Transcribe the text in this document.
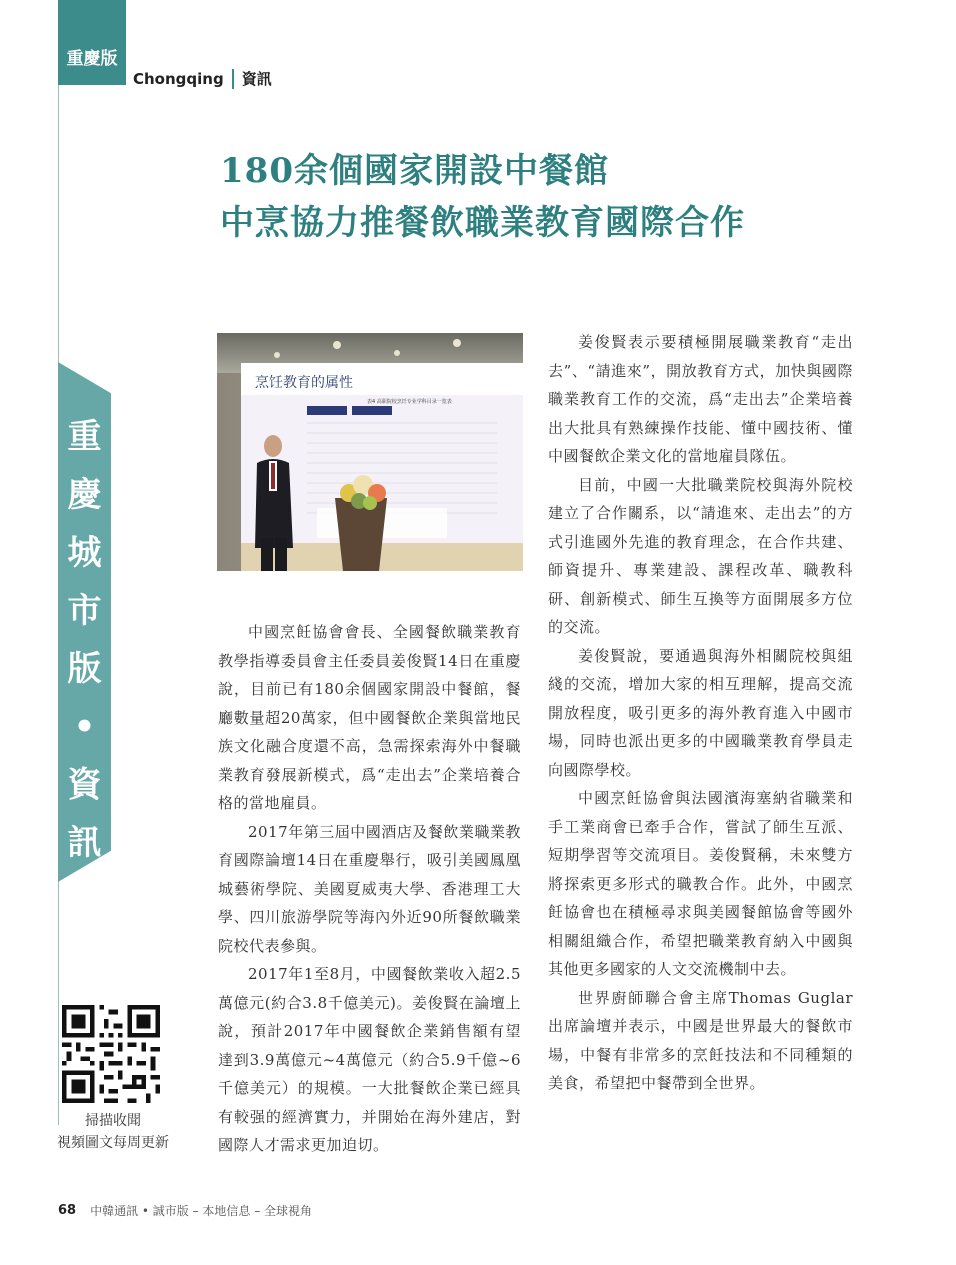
重慶版
Chongqing 資訊
180余個國家開設中餐館
中烹協力推餐飲職業教育國際合作
重
慶
城
市
版
•
資
訊
烹饪教育的属性
表4 高职院校烹饪专业学科目录一览表

中國烹飪協會會長、全國餐飲職業教育教學指導委員會主任委員姜俊賢14日在重慶說，目前已有180余個國家開設中餐館，餐廳數量超20萬家，但中國餐飲企業與當地民族文化融合度還不高，急需探索海外中餐職業教育發展新模式，爲“走出去”企業培養合格的當地雇員。

2017年第三屆中國酒店及餐飲業職業教育國際論壇14日在重慶舉行，吸引美國鳳凰城藝術學院、美國夏威夷大學、香港理工大學、四川旅游學院等海內外近90所餐飲職業院校代表參與。

2017年1至8月，中國餐飲業收入超2.5萬億元(約合3.8千億美元)。姜俊賢在論壇上說，預計2017年中國餐飲企業銷售額有望達到3.9萬億元~4萬億元（約合5.9千億~6千億美元）的規模。一大批餐飲企業已經具有較强的經濟實力，并開始在海外建店，對國際人才需求更加迫切。

姜俊賢表示要積極開展職業教育“走出去”、“請進來”，開放教育方式，加快與國際職業教育工作的交流，爲“走出去”企業培養出大批具有熟練操作技能、懂中國技術、懂中國餐飲企業文化的當地雇員隊伍。

目前，中國一大批職業院校與海外院校建立了合作關系，以“請進來、走出去”的方式引進國外先進的教育理念，在合作共建、師資提升、專業建設、課程改革、職教科研、創新模式、師生互換等方面開展多方位的交流。

姜俊賢說，要通過與海外相關院校與組綫的交流，增加大家的相互理解，提高交流開放程度，吸引更多的海外教育進入中國市場，同時也派出更多的中國職業教育學員走向國際學校。

中國烹飪協會與法國濱海塞納省職業和手工業商會已牽手合作，嘗試了師生互派、短期學習等交流項目。姜俊賢稱，未來雙方將探索更多形式的職教合作。此外，中國烹飪協會也在積極尋求與美國餐館協會等國外相關組織合作，希望把職業教育納入中國與其他更多國家的人文交流機制中去。

世界廚師聯合會主席Thomas Guglar出席論壇并表示，中國是世界最大的餐飲市場，中餐有非常多的烹飪技法和不同種類的美食，希望把中餐帶到全世界。

掃描收聞
視頻圖文每周更新
68 中韓通訊 • 誠市版 – 本地信息 – 全球視角
